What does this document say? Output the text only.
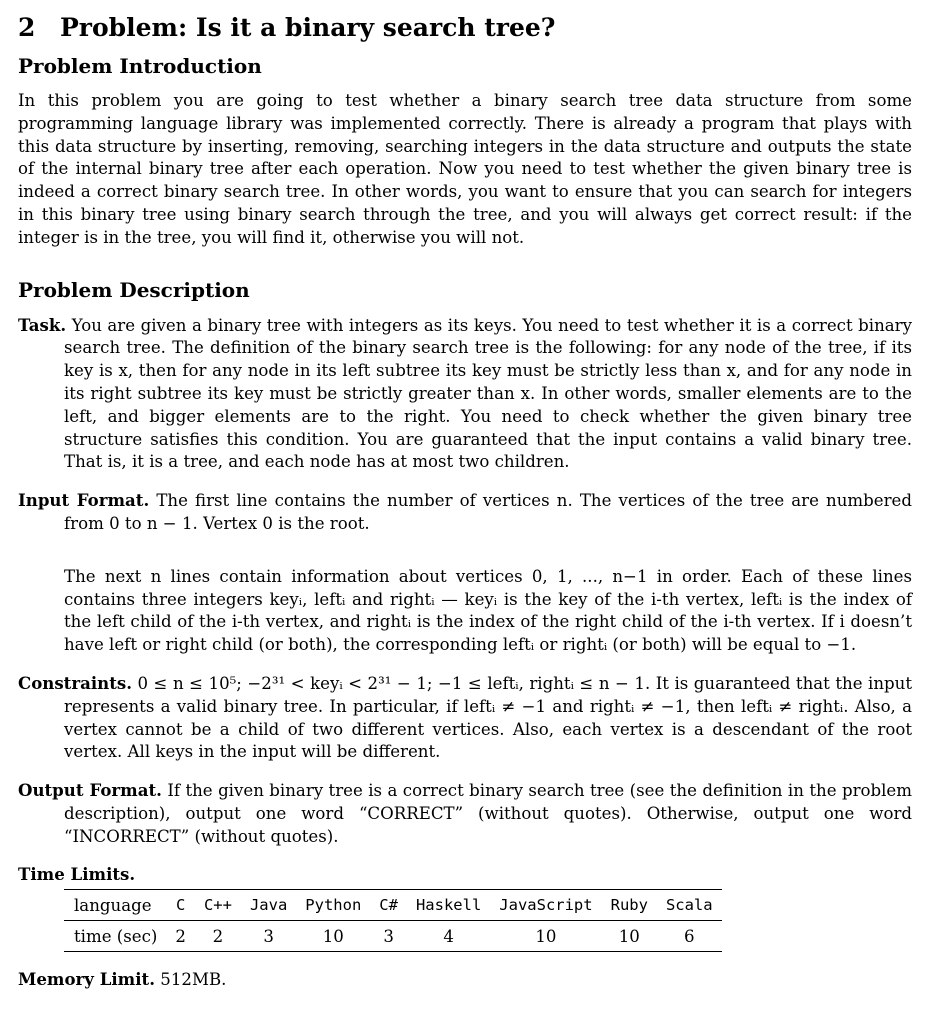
2 Problem: Is it a binary search tree?
Problem Introduction

In this problem you are going to test whether a binary search tree data structure from some programming language library was implemented correctly. There is already a program that plays with this data structure by inserting, removing, searching integers in the data structure and outputs the state of the internal binary tree after each operation. Now you need to test whether the given binary tree is indeed a correct binary search tree. In other words, you want to ensure that you can search for integers in this binary tree using binary search through the tree, and you will always get correct result: if the integer is in the tree, you will find it, otherwise you will not.

Problem Description

Task. You are given a binary tree with integers as its keys. You need to test whether it is a correct binary search tree. The definition of the binary search tree is the following: for any node of the tree, if its key is x, then for any node in its left subtree its key must be strictly less than x, and for any node in its right subtree its key must be strictly greater than x. In other words, smaller elements are to the left, and bigger elements are to the right. You need to check whether the given binary tree structure satisfies this condition. You are guaranteed that the input contains a valid binary tree. That is, it is a tree, and each node has at most two children.

Input Format. The first line contains the number of vertices n. The vertices of the tree are numbered from 0 to n − 1. Vertex 0 is the root.

The next n lines contain information about vertices 0, 1, ..., n−1 in order. Each of these lines contains three integers keyᵢ, leftᵢ and rightᵢ — keyᵢ is the key of the i-th vertex, leftᵢ is the index of the left child of the i-th vertex, and rightᵢ is the index of the right child of the i-th vertex. If i doesn’t have left or right child (or both), the corresponding leftᵢ or rightᵢ (or both) will be equal to −1.

Constraints. 0 ≤ n ≤ 10⁵; −2³¹ < keyᵢ < 2³¹ − 1; −1 ≤ leftᵢ, rightᵢ ≤ n − 1. It is guaranteed that the input represents a valid binary tree. In particular, if leftᵢ ≠ −1 and rightᵢ ≠ −1, then leftᵢ ≠ rightᵢ. Also, a vertex cannot be a child of two different vertices. Also, each vertex is a descendant of the root vertex. All keys in the input will be different.

Output Format. If the given binary tree is a correct binary search tree (see the definition in the problem description), output one word “CORRECT” (without quotes). Otherwise, output one word “INCORRECT” (without quotes).

Time Limits.

language	C	C++	Java	Python	C#	Haskell	JavaScript	Ruby	Scala
time (sec)	2	2	3	10	3	4	10	10	6

Memory Limit. 512MB.
